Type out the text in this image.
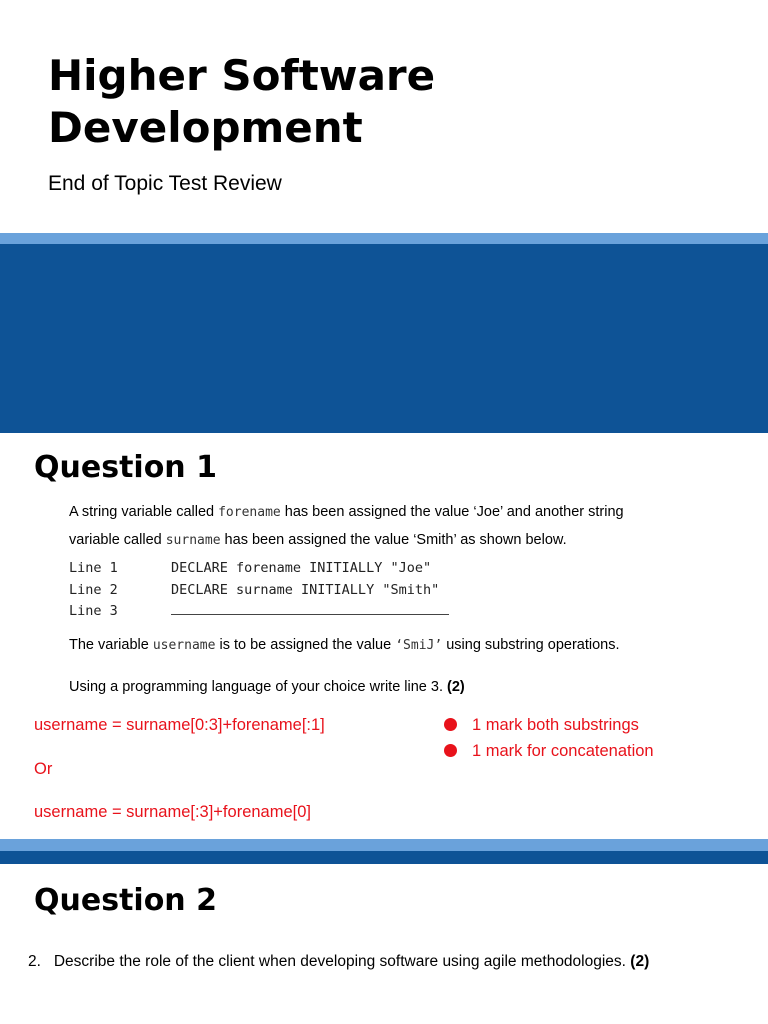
Higher Software
Development
End of Topic Test Review
Question 1
A string variable called forename has been assigned the value ‘Joe’ and another string
variable called surname has been assigned the value ‘Smith’ as shown below.
Line 1	DECLARE forename INITIALLY "Joe"
Line 2	DECLARE surname INITIALLY "Smith"
Line 3
The variable username is to be assigned the value ‘SmiJ’ using substring operations.
Using a programming language of your choice write line 3. (2)
username = surname[0:3]+forename[:1]
Or
username = surname[:3]+forename[0]
1 mark both substrings
1 mark for concatenation
Question 2
2. Describe the role of the client when developing software using agile methodologies. (2)
